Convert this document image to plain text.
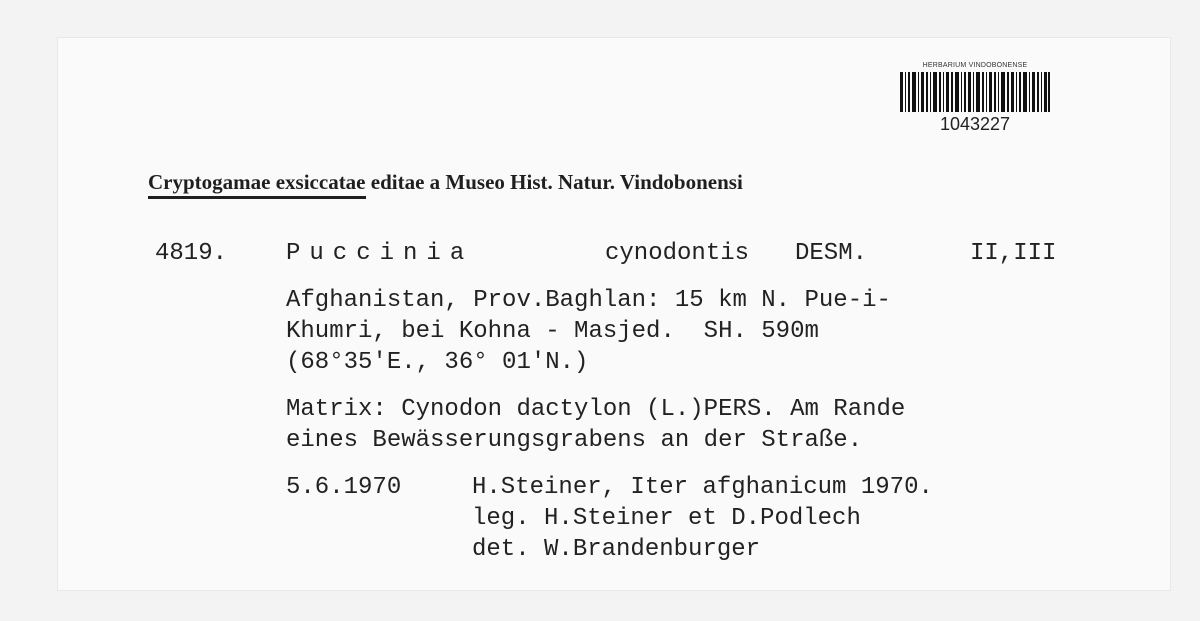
HERBARIUM VINDOBONENSE
1043227
Cryptogamae exsiccatae editae a Museo Hist. Natur. Vindobonensi
4819. Puccinia	cynodontis DESM.	II,III
Afghanistan, Prov.Baghlan: 15 km N. Pue-i-
Khumri, bei Kohna - Masjed.  SH. 590m
(68°35'E., 36° 01'N.)
Matrix: Cynodon dactylon (L.)PERS. Am Rande
eines Bewässerungsgrabens an der Straße.
5.6.1970	H.Steiner, Iter afghanicum 1970.
leg. H.Steiner et D.Podlech
det. W.Brandenburger
